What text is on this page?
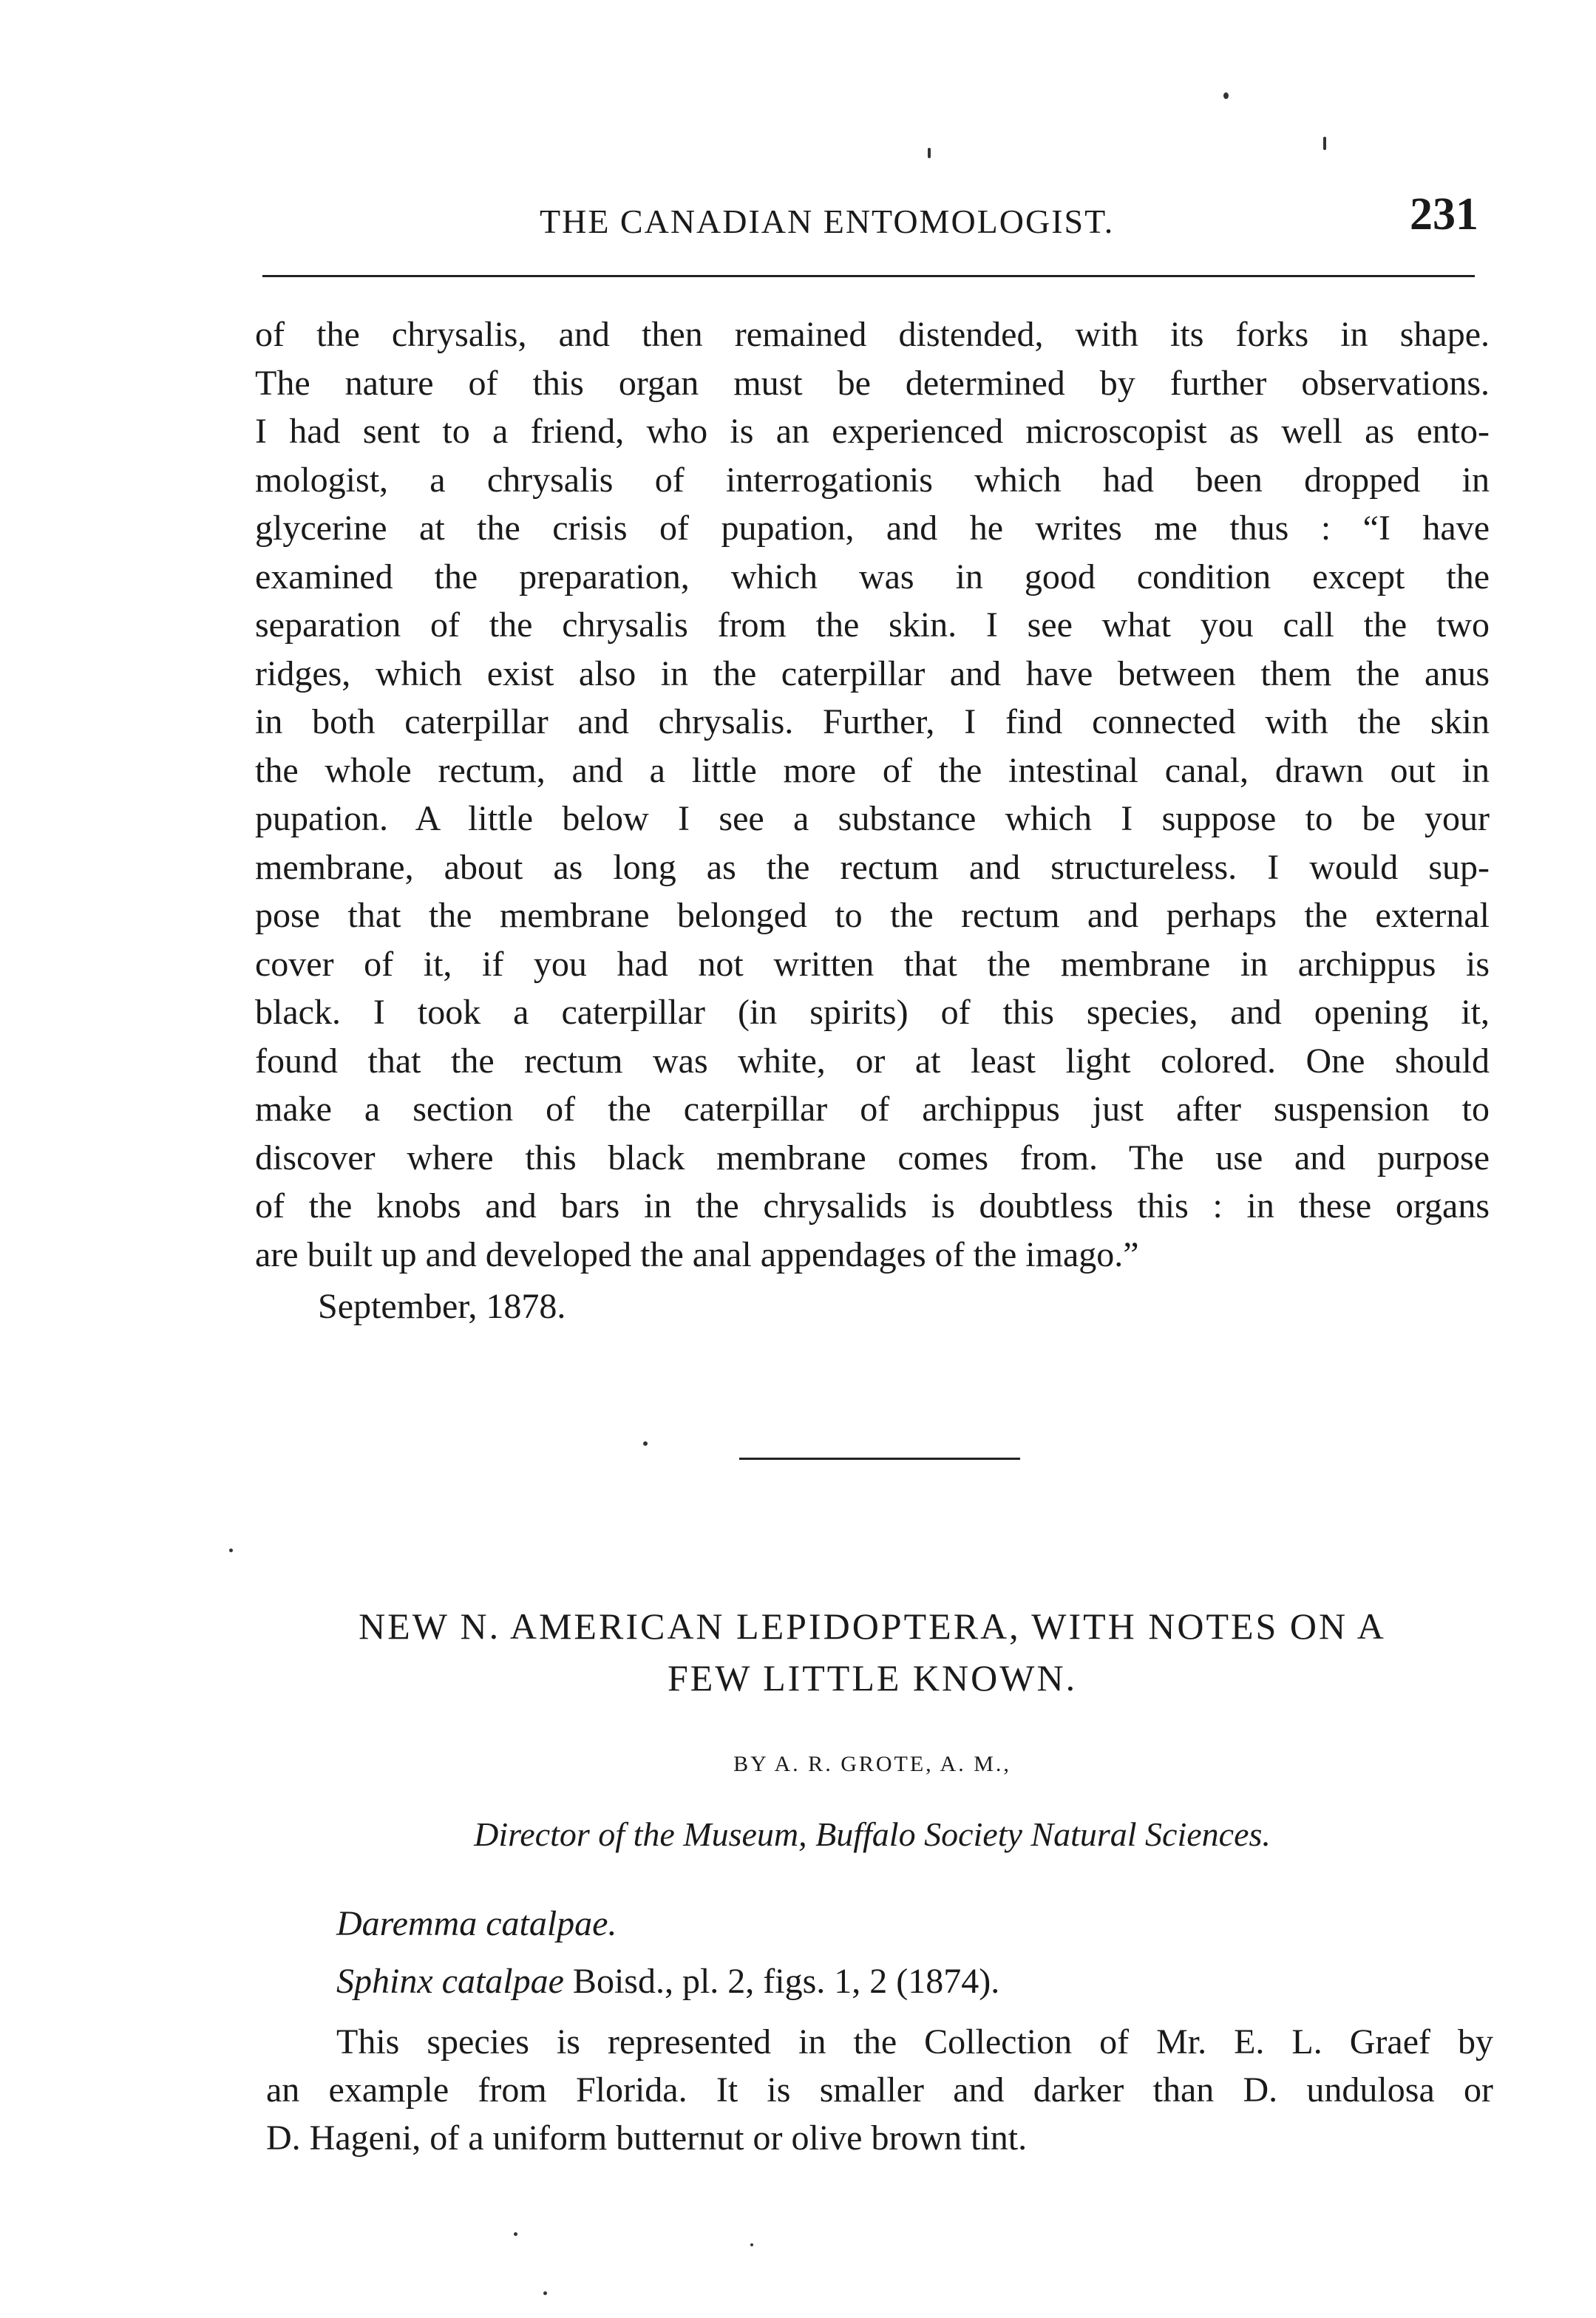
THE CANADIAN ENTOMOLOGIST.	231
of the chrysalis, and then remained distended, with its forks in shape.
The nature of this organ must be determined by further observations.
I had sent to a friend, who is an experienced microscopist as well as ento-
mologist, a chrysalis of interrogationis which had been dropped in
glycerine at the crisis of pupation, and he writes me thus : “I have
examined the preparation, which was in good condition except the
separation of the chrysalis from the skin. I see what you call the two
ridges, which exist also in the caterpillar and have between them the anus
in both caterpillar and chrysalis. Further, I find connected with the skin
the whole rectum, and a little more of the intestinal canal, drawn out in
pupation. A little below I see a substance which I suppose to be your
membrane, about as long as the rectum and structureless. I would sup-
pose that the membrane belonged to the rectum and perhaps the external
cover of it, if you had not written that the membrane in archippus is
black. I took a caterpillar (in spirits) of this species, and opening it,
found that the rectum was white, or at least light colored. One should
make a section of the caterpillar of archippus just after suspension to
discover where this black membrane comes from. The use and purpose
of the knobs and bars in the chrysalids is doubtless this : in these organs
are built up and developed the anal appendages of the imago.”
September, 1878.
NEW N. AMERICAN LEPIDOPTERA, WITH NOTES ON A
FEW LITTLE KNOWN.
BY A. R. GROTE, A. M.,
Director of the Museum, Buffalo Society Natural Sciences.
Daremma catalpae.
Sphinx catalpae Boisd., pl. 2, figs. 1, 2 (1874).
This species is represented in the Collection of Mr. E. L. Graef by
an example from Florida. It is smaller and darker than D. undulosa or
D. Hageni, of a uniform butternut or olive brown tint.
